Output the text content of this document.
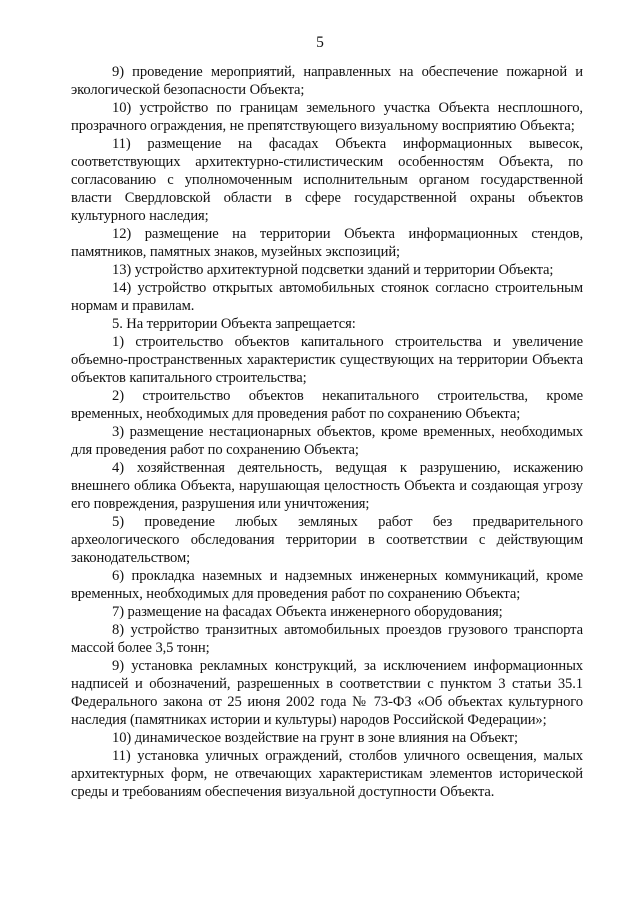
5

9) проведение мероприятий, направленных на обеспечение пожарной и экологической безопасности Объекта;

10) устройство по границам земельного участка Объекта несплошного, прозрачного ограждения, не препятствующего визуальному восприятию Объекта;

11) размещение на фасадах Объекта информационных вывесок, соответствующих архитектурно-стилистическим особенностям Объекта, по согласованию с уполномоченным исполнительным органом государственной власти Свердловской области в сфере государственной охраны объектов культурного наследия;

12) размещение на территории Объекта информационных стендов, памятников, памятных знаков, музейных экспозиций;

13) устройство архитектурной подсветки зданий и территории Объекта;

14) устройство открытых автомобильных стоянок согласно строительным нормам и правилам.

5. На территории Объекта запрещается:

1) строительство объектов капитального строительства и увеличение объемно-пространственных характеристик существующих на территории Объекта объектов капитального строительства;

2) строительство объектов некапитального строительства, кроме временных, необходимых для проведения работ по сохранению Объекта;

3) размещение нестационарных объектов, кроме временных, необходимых для проведения работ по сохранению Объекта;

4) хозяйственная деятельность, ведущая к разрушению, искажению внешнего облика Объекта, нарушающая целостность Объекта и создающая угрозу его повреждения, разрушения или уничтожения;

5) проведение любых земляных работ без предварительного археологического обследования территории в соответствии с действующим законодательством;

6) прокладка наземных и надземных инженерных коммуникаций, кроме временных, необходимых для проведения работ по сохранению Объекта;

7) размещение на фасадах Объекта инженерного оборудования;

8) устройство транзитных автомобильных проездов грузового транспорта массой более 3,5 тонн;

9) установка рекламных конструкций, за исключением информационных надписей и обозначений, разрешенных в соответствии с пунктом 3 статьи 35.1 Федерального закона от 25 июня 2002 года № 73-ФЗ «Об объектах культурного наследия (памятниках истории и культуры) народов Российской Федерации»;

10) динамическое воздействие на грунт в зоне влияния на Объект;

11) установка уличных ограждений, столбов уличного освещения, малых архитектурных форм, не отвечающих характеристикам элементов исторической среды и требованиям обеспечения визуальной доступности Объекта.
